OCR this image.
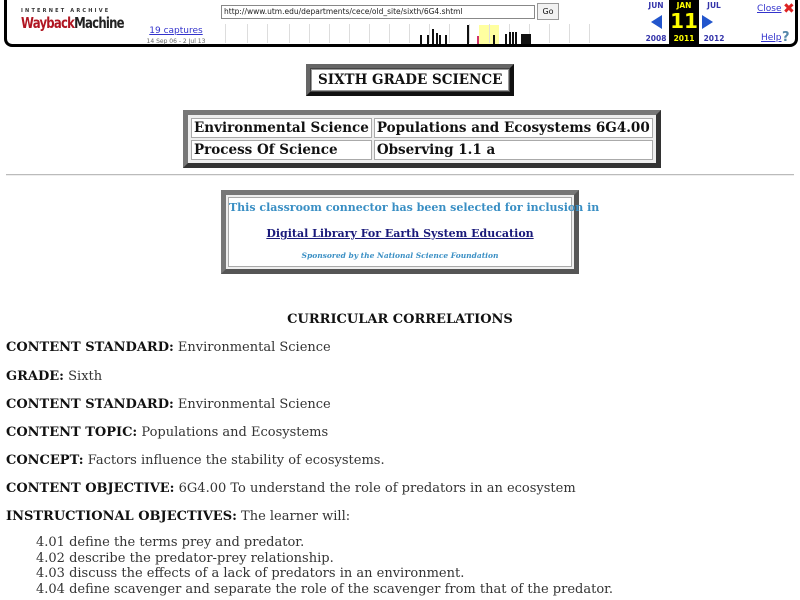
INTERNET ARCHIVE
WaybackMachine	19 captures
14 Sep 06 - 2 Jul 13
http://www.utm.edu/departments/cece/old_site/sixth/6G4.shtml	Go
JUN
2008
JAN
11
2011
JUL
2012
Close ✖
Help ?
SIXTH GRADE SCIENCE
Environmental Science	Populations and Ecosystems 6G4.00
Process Of Science	Observing 1.1 a
This classroom connector has been selected for inclusion in
Digital Library For Earth System Education
Sponsored by the National Science Foundation
CURRICULAR CORRELATIONS
CONTENT STANDARD: Environmental Science
GRADE: Sixth
CONTENT STANDARD: Environmental Science
CONTENT TOPIC: Populations and Ecosystems
CONCEPT: Factors influence the stability of ecosystems.
CONTENT OBJECTIVE: 6G4.00 To understand the role of predators in an ecosystem
INSTRUCTIONAL OBJECTIVES: The learner will:
4.01 define the terms prey and predator.
4.02 describe the predator-prey relationship.
4.03 discuss the effects of a lack of predators in an environment.
4.04 define scavenger and separate the role of the scavenger from that of the predator.
